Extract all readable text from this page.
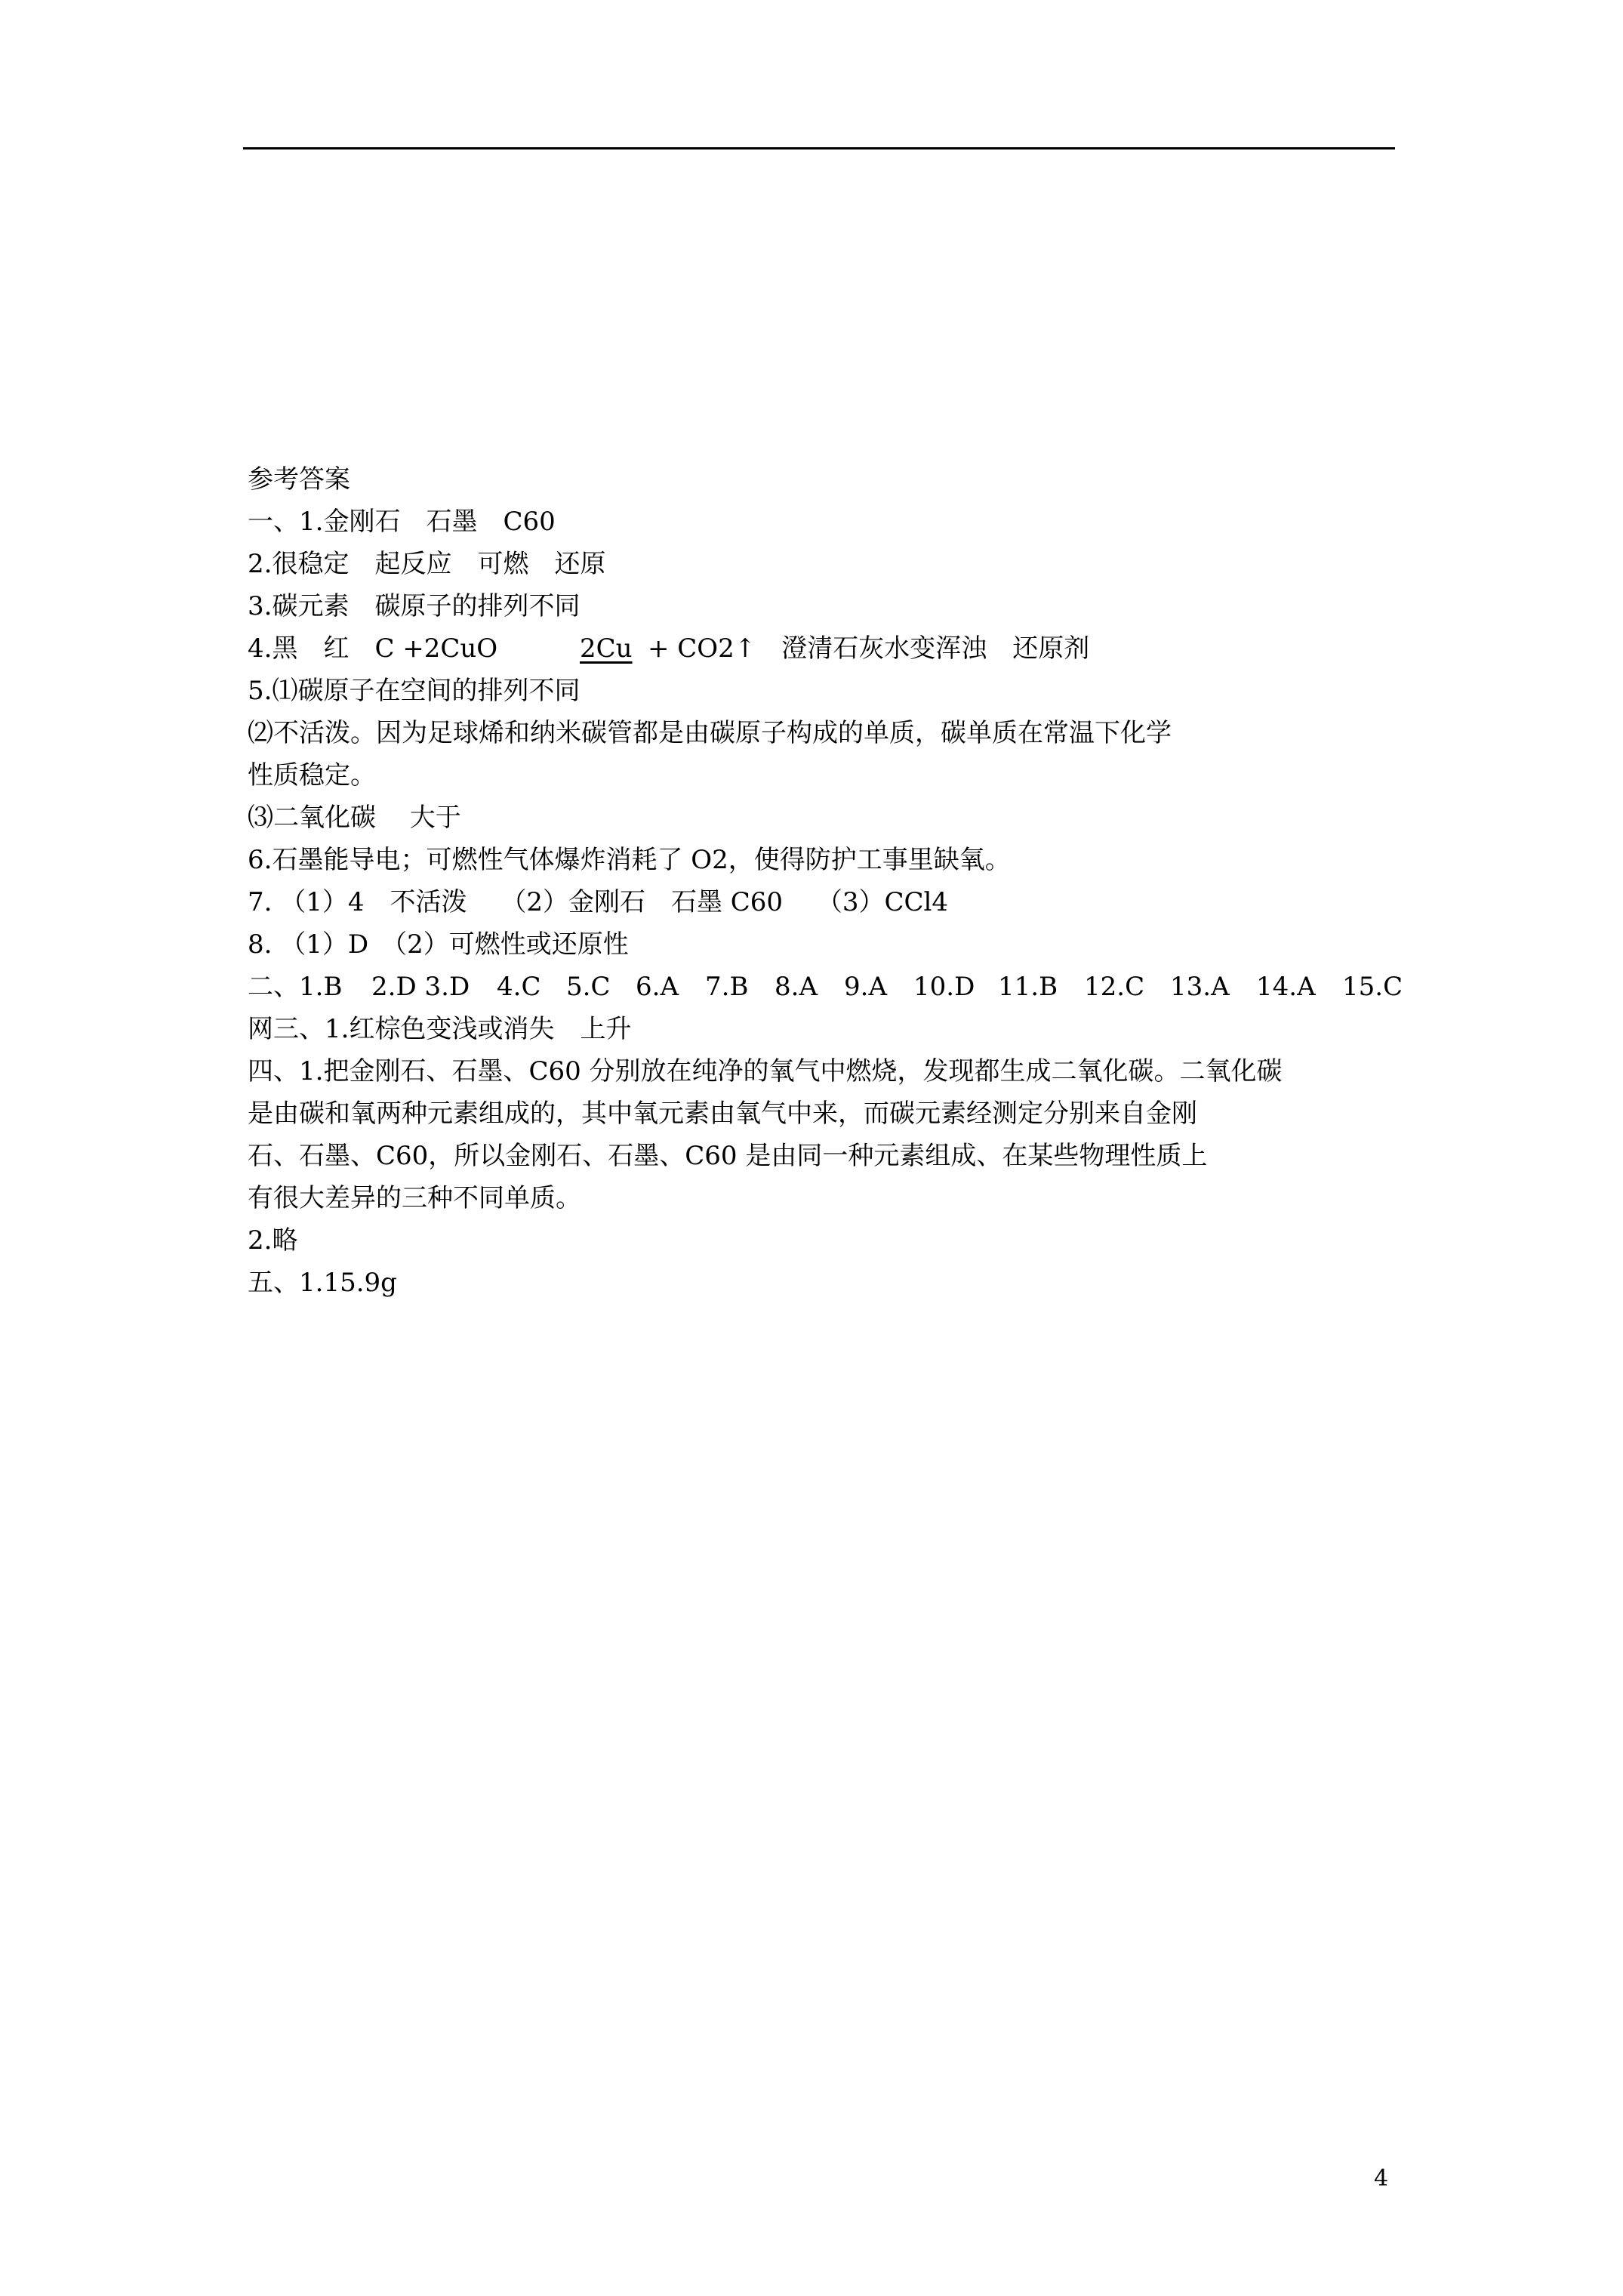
参考答案
一、1.金刚石　石墨　C60
2.很稳定　起反应　可燃　还原
3.碳元素　碳原子的排列不同
4.黑　红　C +2CuO	2Cu + CO2↑　澄清石灰水变浑浊　还原剂
5.⑴碳原子在空间的排列不同
⑵不活泼。因为足球烯和纳米碳管都是由碳原子构成的单质，碳单质在常温下化学
性质稳定。
⑶二氧化碳　 大于
6.石墨能导电；可燃性气体爆炸消耗了 O2，使得防护工事里缺氧。
7. （1）4　不活泼　 （2）金刚石　石墨 C60　 （3）CCl4
8. （1）D　（2）可燃性或还原性
二、 1.B 2.D 3.D 4.C 5.C 6.A 7.B 8.A 9.A 10.D 11.B 12.C 13.A 14.A 15.C
网三、1.红棕色变浅或消失　上升
四、1.把金刚石、石墨、C60 分别放在纯净的氧气中燃烧，发现都生成二氧化碳。二氧化碳
是由碳和氧两种元素组成的，其中氧元素由氧气中来，而碳元素经测定分别来自金刚
石、石墨、C60，所以金刚石、石墨、C60 是由同一种元素组成、在某些物理性质上
有很大差异的三种不同单质。
2.略
五、1.15.9g
4
